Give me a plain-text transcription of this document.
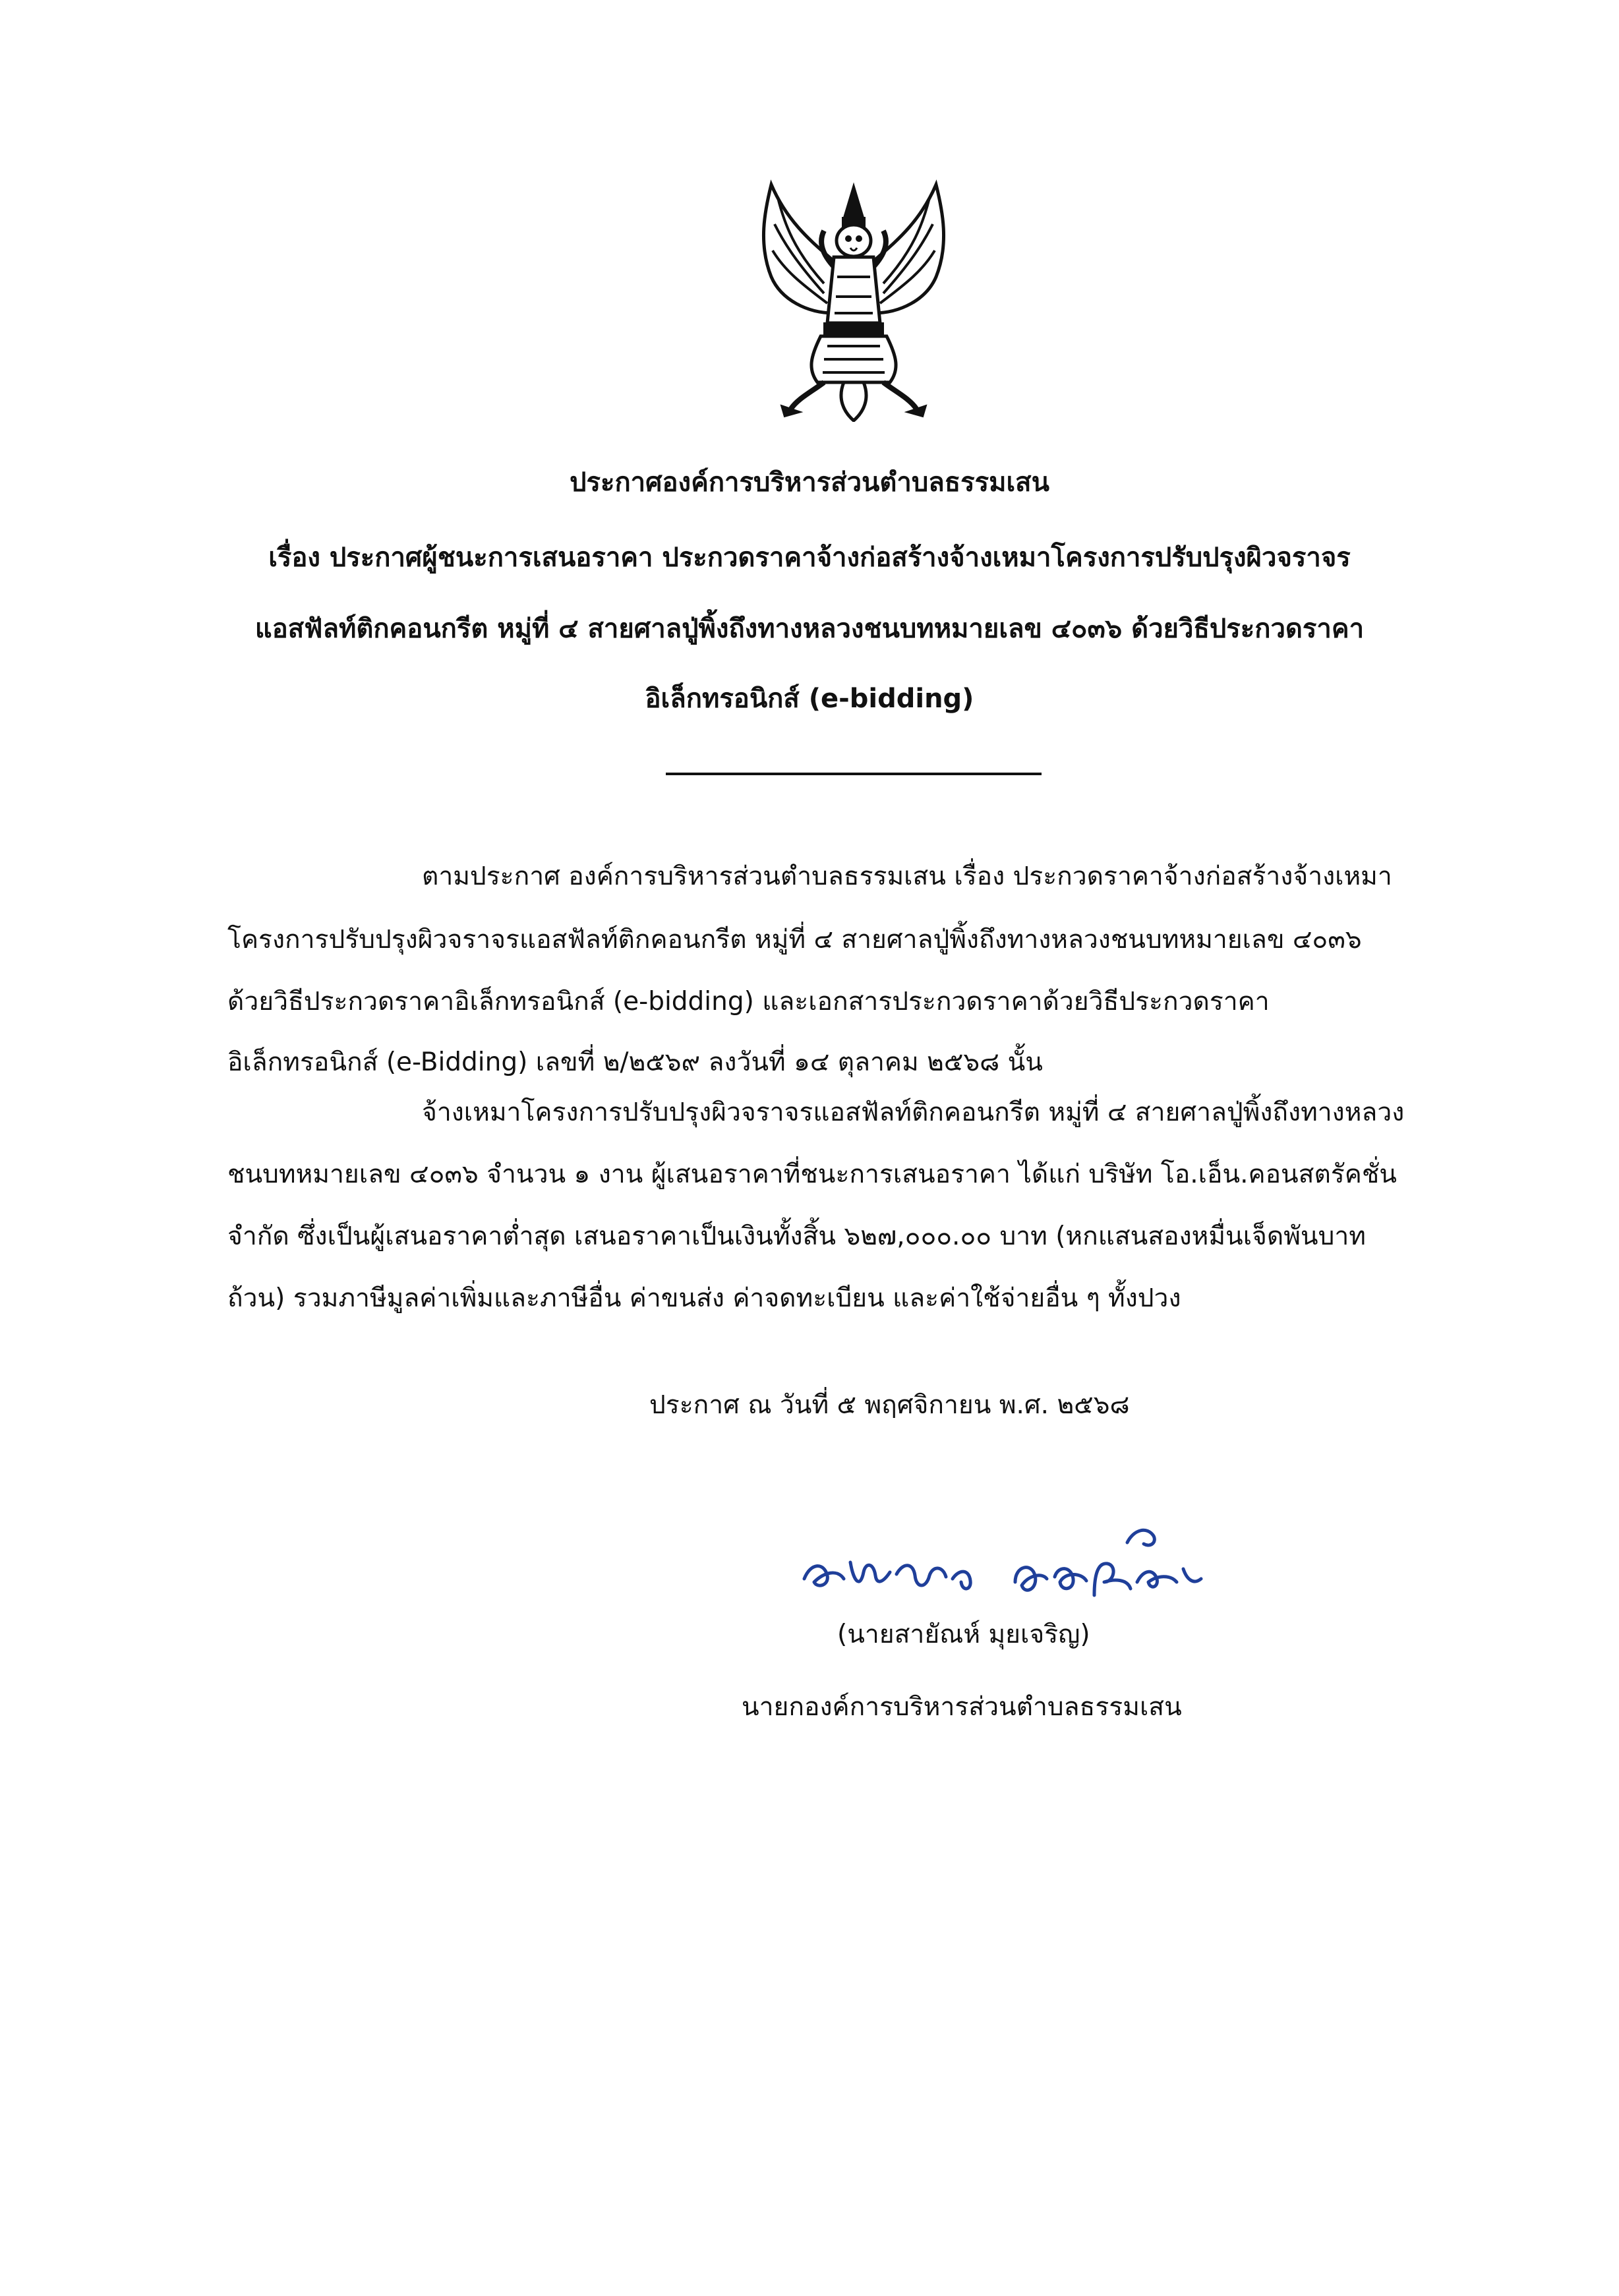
ประกาศองค์การบริหารส่วนตำบลธรรมเสน
เรื่อง ประกาศผู้ชนะการเสนอราคา ประกวดราคาจ้างก่อสร้างจ้างเหมาโครงการปรับปรุงผิวจราจร
แอสฟัลท์ติกคอนกรีต หมู่ที่ ๔ สายศาลปู่พิ้งถึงทางหลวงชนบทหมายเลข ๔๐๓๖ ด้วยวิธีประกวดราคา
อิเล็กทรอนิกส์ (e-bidding)
ตามประกาศ องค์การบริหารส่วนตำบลธรรมเสน เรื่อง ประกวดราคาจ้างก่อสร้างจ้างเหมา
โครงการปรับปรุงผิวจราจรแอสฟัลท์ติกคอนกรีต หมู่ที่ ๔ สายศาลปู่พิ้งถึงทางหลวงชนบทหมายเลข ๔๐๓๖
ด้วยวิธีประกวดราคาอิเล็กทรอนิกส์ (e-bidding) และเอกสารประกวดราคาด้วยวิธีประกวดราคา
อิเล็กทรอนิกส์ (e-Bidding) เลขที่ ๒/๒๕๖๙ ลงวันที่ ๑๔ ตุลาคม ๒๕๖๘ นั้น
จ้างเหมาโครงการปรับปรุงผิวจราจรแอสฟัลท์ติกคอนกรีต หมู่ที่ ๔ สายศาลปู่พิ้งถึงทางหลวง
ชนบทหมายเลข ๔๐๓๖ จำนวน ๑ งาน ผู้เสนอราคาที่ชนะการเสนอราคา ได้แก่ บริษัท โอ.เอ็น.คอนสตรัคชั่น
จำกัด ซึ่งเป็นผู้เสนอราคาต่ำสุด เสนอราคาเป็นเงินทั้งสิ้น ๖๒๗,๐๐๐.๐๐ บาท (หกแสนสองหมื่นเจ็ดพันบาท
ถ้วน) รวมภาษีมูลค่าเพิ่มและภาษีอื่น ค่าขนส่ง ค่าจดทะเบียน และค่าใช้จ่ายอื่น ๆ ทั้งปวง
ประกาศ ณ วันที่ ๕ พฤศจิกายน พ.ศ. ๒๕๖๘
(นายสายัณห์ มุยเจริญ)
นายกองค์การบริหารส่วนตำบลธรรมเสน
